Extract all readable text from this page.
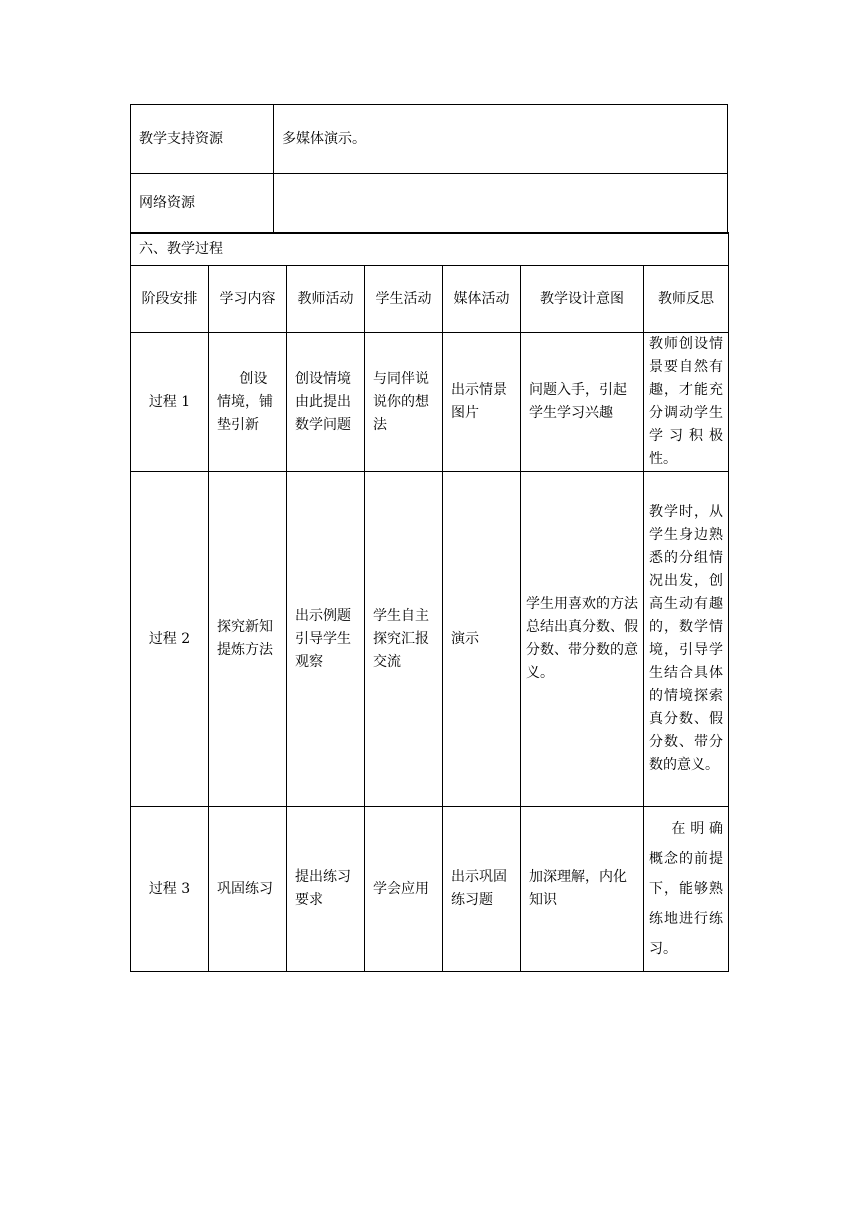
教学支持资源	多媒体演示。
网络资源	
六、教学过程						
阶段安排	学习内容	教师活动	学生活动	媒体活动	教学设计意图	教师反思
过程 1	创设情境，铺垫引新	创设情境由此提出数学问题	与同伴说说你的想法	出示情景图片	问题入手，引起学生学习兴趣	教师创设情景要自然有趣，才能充分调动学生学习积极性。
过程 2	探究新知提炼方法	出示例题引导学生观察	学生自主探究汇报交流	演示	学生用喜欢的方法总结出真分数、假分数、带分数的意义。	教学时，从学生身边熟悉的分组情况出发，创高生动有趣的，数学情境，引导学生结合具体的情境探索真分数、假分数、带分数的意义。
过程 3	巩固练习	提出练习要求	学会应用	出示巩固练习题	加深理解，内化知识	在明确概念的前提下，能够熟练地进行练习。
